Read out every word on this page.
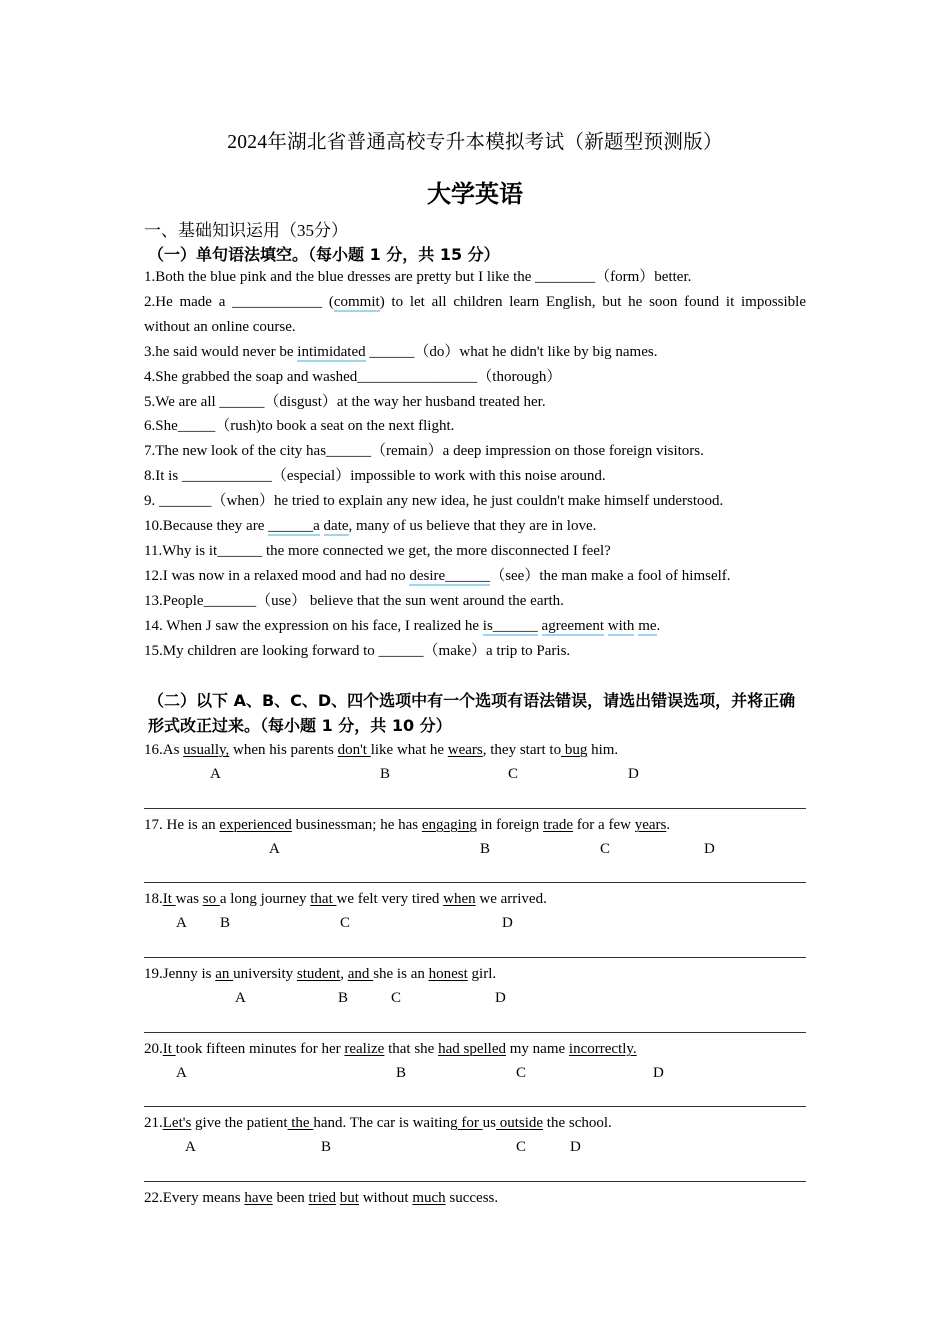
2024年湖北省普通高校专升本模拟考试（新题型预测版）
大学英语
一、基础知识运用（35分）
（一）单句语法填空。（每小题 1 分，共 15 分）
1.Both the blue pink and the blue dresses are pretty but I like the ________（form）better.
2.He made a ____________ (commit) to let all children learn English, but he soon found it impossible without an online course.
3.he said would never be intimidated ______（do）what he didn't like by big names.
4.She grabbed the soap and washed________________（thorough）
5.We are all ______（disgust）at the way her husband treated her.
6.She_____（rush)to book a seat on the next flight.
7.The new look of the city has______（remain）a deep impression on those foreign visitors.
8.It is ____________（especial）impossible to work with this noise around.
9. _______（when）he tried to explain any new idea, he just couldn't make himself understood.
10.Because they are ______a date, many of us believe that they are in love.
11.Why is it______ the more connected we get, the more disconnected I feel?
12.I was now in a relaxed mood and had no desire______（see）the man make a fool of himself.
13.People_______（use） believe that the sun went around the earth.
14. When J saw the expression on his face, I realized he is______ agreement with me.
15.My children are looking forward to ______（make）a trip to Paris.
（二）以下 A、B、C、D、四个选项中有一个选项有语法错误，请选出错误选项，并将正确形式改正过来。（每小题 1 分，共 10 分）
16.As usually, when his parents don't like what he wears, they start to bug him.
A	B	C	D
17. He is an experienced businessman; he has engaging in foreign trade for a few years.
A	B	C	D
18.It was so a long journey that we felt very tired when we arrived.
A B	C	D
19.Jenny is an university student, and she is an honest girl.
A	B	C	D
20.It took fifteen minutes for her realize that she had spelled my name incorrectly.
A	B	C	D
21.Let's give the patient the hand. The car is waiting for us outside the school.
A	B	C	D
22.Every means have been tried but without much success.
